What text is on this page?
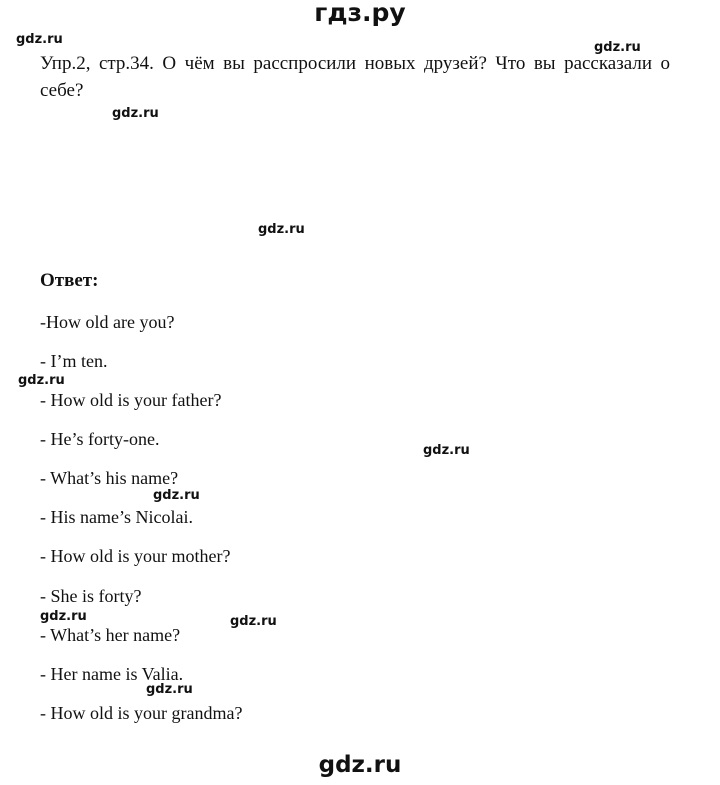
гдз.ру
gdz.ru
gdz.ru
gdz.ru
gdz.ru
gdz.ru
gdz.ru
gdz.ru
gdz.ru	gdz.ru
gdz.ru
Упр.2, стр.34. О чём вы расспросили новых друзей? Что вы рассказали о себе?
Ответ:
-How old are you?
- I’m ten.
- How old is your father?
- He’s forty-one.
- What’s his name?
- His name’s Nicolai.
- How old is your mother?
- She is forty?
- What’s her name?
- Her name is Valia.
- How old is your grandma?
gdz.ru
